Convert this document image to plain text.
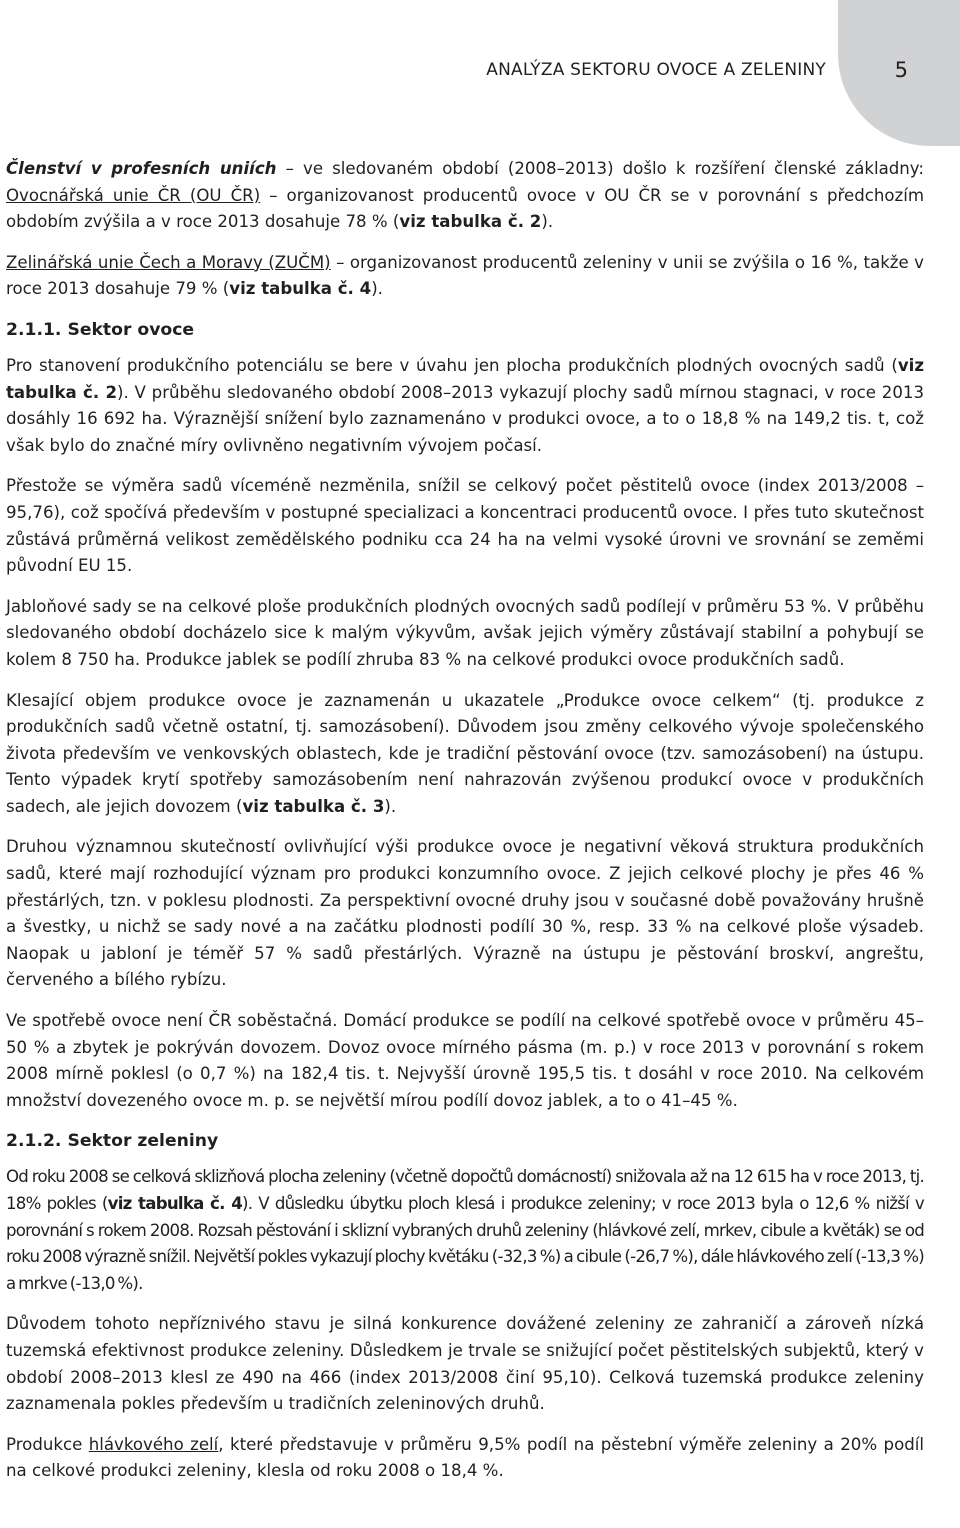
5
ANALÝZA SEKTORU OVOCE A ZELENINY

Členství v profesních uniích – ve sledovaném období (2008–2013) došlo k rozšíření členské základny: Ovocnářská unie ČR (OU ČR) – organizovanost producentů ovoce v OU ČR se v porovnání s předchozím obdobím zvýšila a v roce 2013 dosahuje 78 % (viz tabulka č. 2).

Zelinářská unie Čech a Moravy (ZUČM) – organizovanost producentů zeleniny v unii se zvýšila o 16 %, takže v roce 2013 dosahuje 79 % (viz tabulka č. 4).

2.1.1. Sektor ovoce

Pro stanovení produkčního potenciálu se bere v úvahu jen plocha produkčních plodných ovocných sadů (viz tabulka č. 2). V průběhu sledovaného období 2008–2013 vykazují plochy sadů mírnou stagnaci, v roce 2013 dosáhly 16 692 ha. Výraznější snížení bylo zaznamenáno v produkci ovoce, a to o 18,8 % na 149,2 tis. t, což však bylo do značné míry ovlivněno negativním vývojem počasí.

Přestože se výměra sadů víceméně nezměnila, snížil se celkový počet pěstitelů ovoce (index 2013/2008 – 95,76), což spočívá především v postupné specializaci a koncentraci producentů ovoce. I přes tuto skutečnost zůstává průměrná velikost zemědělského podniku cca 24 ha na velmi vysoké úrovni ve srovnání se zeměmi původní EU 15.

Jabloňové sady se na celkové ploše produkčních plodných ovocných sadů podílejí v průměru 53 %. V průběhu sledovaného období docházelo sice k malým výkyvům, avšak jejich výměry zůstávají stabilní a pohybují se kolem 8 750 ha. Produkce jablek se podílí zhruba 83 % na celkové produkci ovoce produkčních sadů.

Klesající objem produkce ovoce je zaznamenán u ukazatele „Produkce ovoce celkem“ (tj. produkce z produkčních sadů včetně ostatní, tj. samozásobení). Důvodem jsou změny celkového vývoje společenského života především ve venkovských oblastech, kde je tradiční pěstování ovoce (tzv. samozásobení) na ústupu. Tento výpadek krytí spotřeby samozásobením není nahrazován zvýšenou produkcí ovoce v produkčních sadech, ale jejich dovozem (viz tabulka č. 3).

Druhou významnou skutečností ovlivňující výši produkce ovoce je negativní věková struktura produkčních sadů, které mají rozhodující význam pro produkci konzumního ovoce. Z jejich celkové plochy je přes 46 % přestárlých, tzn. v poklesu plodnosti. Za perspektivní ovocné druhy jsou v současné době považovány hrušně a švestky, u nichž se sady nové a na začátku plodnosti podílí 30 %, resp. 33 % na celkové ploše výsadeb. Naopak u jabloní je téměř 57 % sadů přestárlých. Výrazně na ústupu je pěstování broskví, angreštu, červeného a bílého rybízu.

Ve spotřebě ovoce není ČR soběstačná. Domácí produkce se podílí na celkové spotřebě ovoce v průměru 45–50 % a zbytek je pokrýván dovozem. Dovoz ovoce mírného pásma (m. p.) v roce 2013 v porovnání s rokem 2008 mírně poklesl (o 0,7 %) na 182,4 tis. t. Nejvyšší úrovně 195,5 tis. t dosáhl v roce 2010. Na celkovém množství dovezeného ovoce m. p. se největší mírou podílí dovoz jablek, a to o 41–45 %.

2.1.2. Sektor zeleniny

Od roku 2008 se celková sklizňová plocha zeleniny (včetně dopočtů domácností) snižovala až na 12 615 ha v roce 2013, tj. 18% pokles (viz tabulka č. 4). V důsledku úbytku ploch klesá i produkce zeleniny; v roce 2013 byla o 12,6 % nižší v porovnání s rokem 2008. Rozsah pěstování i sklizní vybraných druhů zeleniny (hlávkové zelí, mrkev, cibule a květák) se od roku 2008 výrazně snížil. Největší pokles vykazují plochy květáku (-32,3 %) a cibule (-26,7 %), dále hlávkového zelí (-13,3 %) a mrkve (-13,0 %).

Důvodem tohoto nepříznivého stavu je silná konkurence dovážené zeleniny ze zahraničí a zároveň nízká tuzemská efektivnost produkce zeleniny. Důsledkem je trvale se snižující počet pěstitelských subjektů, který v období 2008–2013 klesl ze 490 na 466 (index 2013/2008 činí 95,10). Celková tuzemská produkce zeleniny zaznamenala pokles především u tradičních zeleninových druhů.

Produkce hlávkového zelí, které představuje v průměru 9,5% podíl na pěstební výměře zeleniny a 20% podíl na celkové produkci zeleniny, klesla od roku 2008 o 18,4 %.
